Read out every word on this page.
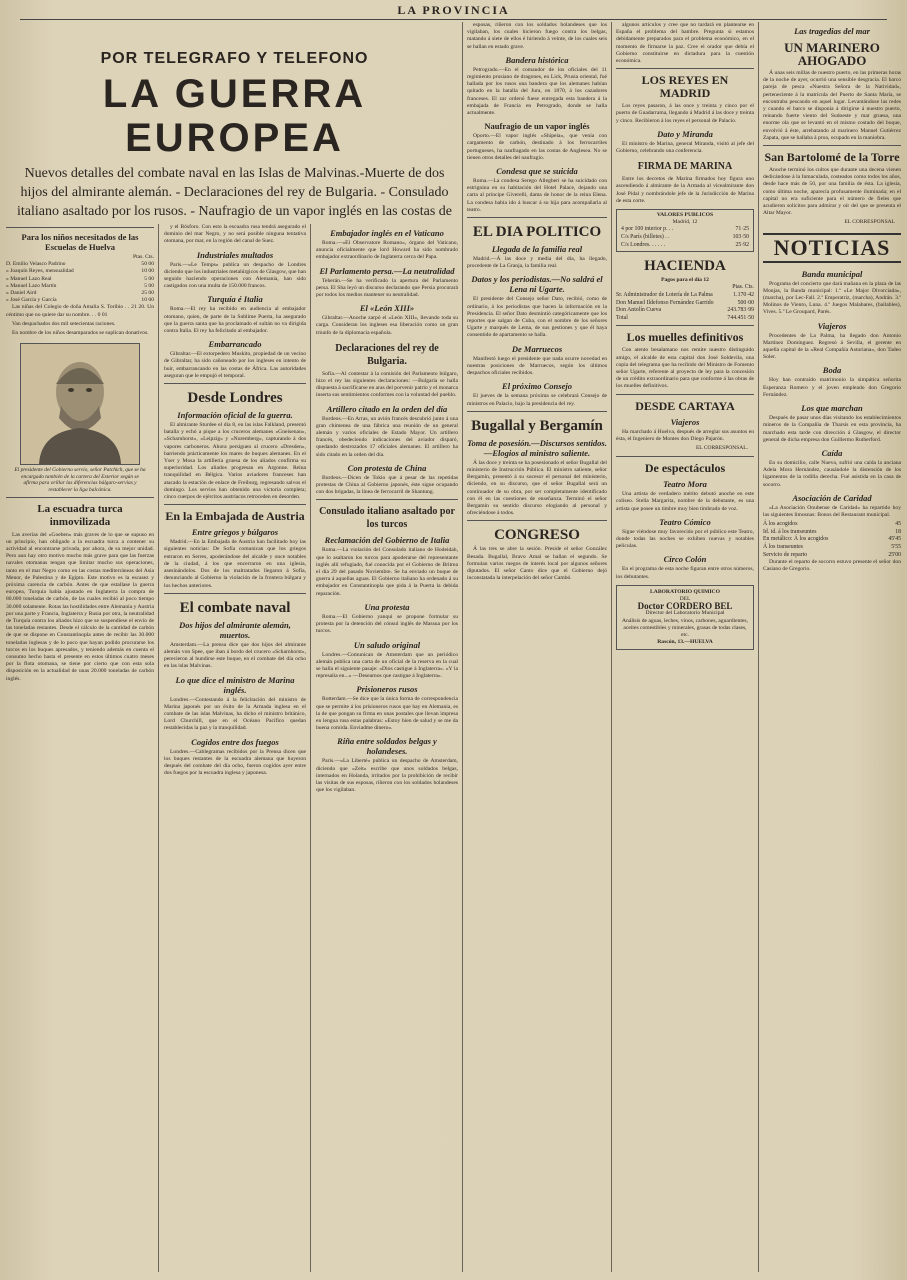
LA PROVINCIA
POR TELEGRAFO Y TELEFONO
LA GUERRA EUROPEA
Nuevos detalles del combate naval en las Islas de Malvinas.-Muerte de dos hijos del almirante alemán. - Declaraciones del rey de Bulgaria. - Consulado italiano asaltado por los rusos. - Naufragio de un vapor inglés en las costas de
Para los niños necesitados de las Escuelas de Huelva
Ptas. Cts.
D. Emilio Velasco Padrino	50 00
» Joaquín Reyes, mensualidad	10 00
» Manuel Lazo Real	5 00
» Manuel Lazo Martín	5 00
» Daniel Aird	25 00
» José García y García	10 00

Las niñas del Colegio de doña Amalia S. Toribio . . 21 20. Un céntimo que no quiere dar su nombre. . . 0 01

Van despachados dos mil setecientas raciones.

En nombre de los niños desamparados se suplican donativos.

El presidente del Gobierno servio, señor Patchich, que se ha encargado también de la cartera del Exterior según se afirma para orillar las diferencias búlgaro-servias y restablecer la liga balcánica.
La escuadra turca inmovilizada

Las averías del «Goeben» más graves de lo que se supuso en un principio, han obligado a la escuadra turca a contener su actividad al encontrarse privada, por ahora, de su mejor unidad. Pero aun hay otro motivo mucho más grave para que las fuerzas navales otomanas tengan que limitar mucho sus operaciones, tanto en el mar Negro como en las costas mediterráneas del Asia Menor, de Palestina y de Egipto. Este motivo es la escasez y próxima carencia de carbón. Antes de que estallase la guerra europea, Turquía había ajustado en Inglaterra la compra de 80.000 toneladas de carbón, de las cuales recibió al poco tiempo 30.000 solamente. Rotas las hostilidades entre Alemania y Austria por una parte y Francia, Inglaterra y Rusia por otra, la neutralidad de Turquía contra los aliados hizo que se suspendiese el envío de las toneladas restantes. Desde el cálculo de la cantidad de carbón de que se dispone en Constantinopla antes de recibir las 30.000 toneladas inglesas y de lo poco que hayan podido procurarse los turcos en los buques apresados, y teniendo además en cuenta el consumo hecho hasta el presente en estos últimos cuatro meses por la flota otomana, se tiene por cierto que con esta sola disposición en la actualidad de unas 20.000 toneladas de carbón inglés.

y el Bósforo. Con esto la escuadra rusa tendrá asegurado el dominio del mar Negro, y no será posible ninguna tentativa otomana, por mar, en la región del canal de Suez.

Industriales multados

París.—«Le Temps» publica un despacho de Londres diciendo que los industriales metalúrgicos de Glasgow, que han seguido haciendo operaciones con Alemania, han sido castigados con una multa de 150.000 francos.

Turquía é Italia

Roma.—El rey ha recibido en audiencia al embajador otomano, quien, de parte de la Sublime Puerta, ha asegurado que la guerra santa que ha proclamado el sultán no va dirigida contra Italia. El rey ha felicitado al embajador.

Embarrancado

Gibraltar.—El extorpedero Muskito, propiedad de un vecino de Gibraltar, ha sido cañoneado por los ingleses en intento de huir, embarrancando en las costas de África. Las autoridades aseguran que le empujó el temporal.

Desde Londres
Información oficial de la guerra.

El almirante Sturdee el día 8, en las islas Falkland, presentó batalla y echó a pique a los cruceros alemanes «Gneisenau», «Scharnhorst», «Leipzig» y «Nuremberg», capturando á dos vapores carboneros. Ahora persiguen al crucero «Dresden», barriendo prácticamente los mares de buques alemanes. En el Yser y Mosa la artillería gruesa de los aliados confirma su superioridad. Los aliados progresan en Argonne. Reina tranquilidad en Bélgica. Varios aviadores franceses han atacado la estación de enlace de Freiburg, regresando salvos el domingo. Los servios han obtenido una victoria completa; cinco cuerpos de ejércitos austriacos retroceden en desorden.

En la Embajada de Austria
Entre griegos y búlgaros

Madrid.—En la Embajada de Austria han facilitado hoy las siguientes noticias: De Sofía comunican que los griegos entraron en Serres, apoderándose del alcalde y once notables de la ciudad, á los que encerraron en una iglesia, asesinándolos. Dos de los maltratados llegaron á Sofía, denunciando al Gobierno la violación de la frontera búlgara y los hechos anteriores.

El combate naval
Dos hijos del almirante alemán, muertos.

Amsterdam.—La prensa dice que dos hijos del almirante alemán von Spee, que iban á bordo del crucero «Scharnhorst», perecieron al hundirse este buque, en el combate del día ocho en las islas Malvinas.

Lo que dice el ministro de Marina inglés.

Londres.—Contestando á la felicitación del ministro de Marina japonés por un éxito de la Armada inglesa en el combate de las islas Malvinas, ha dicho el ministro británico, Lord Churchill, que en el Océano Pacífico quedan restablecidas la paz y la tranquilidad.

Cogidos entre dos fuegos

Londres.—Cablegramas recibidos por la Prensa dicen que los buques restantes de la escuadra alemana que huyeron después del combate del día ocho, fueron cogidos ayer entre dos fuegos por la escuadra inglesa y japonesa.

Embajador inglés en el Vaticano

Roma.—«El Observatore Romano», órgano del Vaticano, anuncia oficialmente que lord Howard ha sido nombrado embajador extraordinario de Inglaterra cerca del Papa.

El Parlamento persa.—La neutralidad

Teherán.—Se ha verificado la apertura del Parlamento persa. El Sha leyó un discurso declarando que Persia procurará por todos los medios mantener su neutralidad.

El «León XIII»

Gibraltar.—Anoche zarpó el «León XIII», llevando toda su carga. Consideran los ingleses esa liberación como un gran triunfo de la diplomacia española.

Declaraciones del rey de Bulgaria.

Sofía.—Al contestar á la comisión del Parlamento búlgaro, hizo el rey las siguientes declaraciones: —Bulgaria se halla dispuesta á sacrificarse en aras del porvenir patrio y el monarca inserta sus sentimientos conformes con la voluntad del pueblo.

Artillero citado en la orden del día

Burdeos.—En Arras, un avión francés descubrió junto á una gran chimenea de una fábrica una reunión de un general alemán y varios oficiales de Estado Mayor. Un artillero francés, obedeciendo indicaciones del aviador disparó, quedando destrozados 17 oficiales alemanes. El artillero ha sido citado en la orden del día.

Con protesta de China

Burdeos.—Dicen de Tokio que á pesar de las repetidas protestas de China al Gobierno japonés, éste sigue ocupando con dos brigadas, la línea de ferrocarril de Shantung.

Consulado italiano asaltado por los turcos
Reclamación del Gobierno de Italia

Roma.—La violación del Consulado italiano de Hodeidah, que lo asaltaron los turcos para apoderarse del representante inglés allí refugiado, fué conocida por el Gobierno de Britrea el día 29 del pasado Noviembre. Se ha enviado un buque de guerra á aquellas aguas. El Gobierno italiano ha ordenado á su embajador en Constantinopla que pida á la Puerta la debida reparación.

Una protesta

Roma.—El Gobierno yanqui se propone formular su protesta por la detención del cónsul inglés de Massua por los turcos.

Un saludo original

Londres.—Comunican de Amsterdam que un periódico alemán publica una carta de un oficial de la reserva en la cual se halla el siguiente pasaje: «Dios castigue á Inglaterra». «Y la represalia en...» —Desearnos que castigue á Inglaterra».

Prisioneros rusos

Rotterdam.—Se dice que la única forma de correspondencia que se permite á los prisioneros rusos que hay en Alemania, es la de que pongan su firma en unas postales que llevan impresa en lengua rusa estas palabras: «Estoy bien de salud y se me da buena comida. Enviadme dinero».

Riña entre soldados belgas y holandeses.

París.—«La Liberté» publica un despacho de Amsterdam, diciendo que «Zeit» escribe que unos soldados belgas, internados en Holanda, irritados por la prohibición de recibir las visitas de sus esposas, riñeron con los soldados holandeses que los vigilaban.

esposas, riñeron con los soldados holandeses que los vigilaban, los cuales hicieron fuego contra los belgas, matando á siete de ellos é hiriendo á veinte, de los cuales seis se hallan en estado grave.

Bandera histórica

Petrogrado.—En el comandor de los oficiales del 11 regimiento prusiano de dragones, en Lick, Prusia oriental, fué hallada por los rusos una bandera que los alemanes habían quitado en la batalla del Jura, en 1870, á los cazadores franceses. El zar ordenó fuese entregada esta bandera á la embajada de Francia en Petrogrado, donde se halla actualmente.

Naufragio de un vapor inglés

Oporto.—El vapor inglés «Shipeia», que venía con cargamento de carbón, destinado á los ferrocarriles portugueses, ha naufragado en las costas de Anglesea. No se tienen otros detalles del naufragio.

Condesa que se suicida

Roma.—La condesa Serego Allegheri se ha suicidado con estrignina en su habitación del Hotel Palace, dejando una carta al príncipe Giverelli, dama de honor de la reina Elena. La condesa había ido á buscar á su hija para acompañarla al teatro.

EL DIA POLITICO
Llegada de la familia real

Madrid.—Á las doce y media del día, ha llegado, procedente de La Granja, la familia real.

Datos y los periodistas.—No saldrá el Lena ni Ugarte.

El presidente del Consejo señor Dato, recibió, como de ordinario, á los periodistas que hacen la información en la Presidencia. El señor Dato desmintió categóricamente que los reportes que salgan de Cuba, con el nombre de los señores Ugarte y marqués de Lema, de sus gestiones y que él haya consentido de apartamento se halla.

De Marruecos

Manifestó luego el presidente que nada ocurre novedad en nuestras posiciones de Marruecos, según los últimos despachos oficiales recibidos.

El próximo Consejo

El jueves de la semana próxima se celebrará Consejo de ministros en Palacio, bajo la presidencia del rey.

Bugallal y Bergamín
Toma de posesión.—Discursos sentidos.—Elogios al ministro saliente.

Á las doce y treinta se ha posesionado el señor Bugallal del ministerio de Instrucción Pública. El ministro saliente, señor Bergamín, presentó á su sucesor el personal del ministerio, diciendo, en su discurso, que el señor Bugallal será un continuador de su obra, por ser completamente identificado con él en las cuestiones de enseñanza. Terminó el señor Bergamín su sentido discurso elogiando al personal y ofreciéndose á todos.

CONGRESO

Á las tres se abre la sesión. Preside el señor González Besada. Bugallal, Bravo Amal se hallan el segundo. Se formulan varios ruegos de interés local por algunos señores diputados. El señor Canto dice que el Gobierno dejó inconstatada la interpelación del señor Cambó.

algunos artículos y cree que no tardará en plantearse en España el problema del hambre. Pregunta si estamos debidamente preparados para el problema económico, en el momento de firmarse la paz. Cree el orador que debía el Gobierno constituirse en dictadura para la cuestión económica.

LOS REYES EN MADRID

Los reyes pasaron, á las once y treinta y cinco por el puerto de Guadarrama, llegando á Madrid á las doce y treinta y cinco. Recibieron á los reyes el personal de Palacio.

Dato y Miranda

El ministro de Marina, general Miranda, visitó al jefe del Gobierno, celebrando una conferencia.

FIRMA DE MARINA

Entre los decretos de Marina firmados hoy figura uno ascendiendo á almirante de la Armada al vicealmirante don José Pidal y nombrándole jefe de la Jurisdicción de Marina de esta corte.

VALORES PUBLICOS
Madrid, 12
4 por 100 interior p. . .	71·25
C/s París (billetes) . .	103·50
C/s Londres. . . . . .	25·92
HACIENDA
Pagos para el día 12
Ptas. Cts.
Sr. Administrador de Lotería de La Palma	1.170·42
Don Manuel Ildefonso Fernández Garrido	500·00
Don Antolín Cueva	243.783·99
Total	744.451·50
Los muelles definitivos

Con atento besalamano nos remite nuestro distinguido amigo, el alcalde de esta capital don José Soldevila, una copia del telegrama que ha recibido del Ministro de Fomento señor Ugarte, referente al proyecto de ley para la concesión de un crédito extraordinario para que conforme á las obras de los muelles definitivos.

DESDE CARTAYA
Viajeros

Ha marchado á Huelva, después de arreglar sus asuntos en ésta, el Ingeniero de Montes don Diego Pajarón.

EL CORRESPONSAL.
De espectáculos
Teatro Mora

Una artista de verdadero mérito debutó anoche en este coliseo. Stella Margarita, nombre de la debutante, es una artista que posee un timbre muy bien timbrado de voz.

Teatro Cómico

Sigue viéndose muy favorecido por el público este Teatro, donde todas las noches se exhiben nuevas y notables películas.

Circo Colón

En el programa de esta noche figuran entre otros números, los debutantes.

LABORATORIO QUIMICO
DEL
Doctor CORDERO BEL
Director del Laboratorio Municipal
Análisis de aguas, leches, vinos, carbones, aguardientes, aceites comestibles y minerales, grasas de todas clases, etc.
Rascón, 13.—HUELVA
Las tragedias del mar
UN MARINERO AHOGADO

Á unas seis millas de nuestro puerto, en las primeras horas de la noche de ayer, ocurrió una sensible desgracia. El barco pareja de pesca «Nuestra Señora de la Natividad», perteneciente á la matrícula del Puerto de Santa María, se encontraba pescando en aquel lugar. Levantándose las redes y cuando el barco se disponía á dirigirse á nuestro puerto, reinando fuerte viento del Sudoeste y mar gruesa, una enorme ola que se levantó en el mismo costado del buque, envolvió á éste, arrebatando al marinero Manuel Gutiérrez Zapata, que se hallaba á proa, ocupado en la maniobra.

San Bartolomé de la Torre

Anoche terminó los cultos que durante una decena vienen dedicándose á la Inmaculada, costeados como todos los años, desde hace más de 50, por una familia de ésta. La iglesia, como última noche, aparecía profusamente iluminada; en el capital no era suficiente para el número de fieles que acudieron solícitos para admirar y oír del que se presenta el Altar Mayor.

EL CORRESPONSAL
NOTICIAS
Banda municipal

Programa del concierto que dará mañana en la plaza de las Monjas, la Banda municipal: 1.º «Le Major Divorciada», (marcha), por Lec-Fall. 2.º Emperatriz, (marcha), Andrán. 3.º Molinos de Viento, Luna. 4.º Juegos Malabares, (bailables), Vives. 5.º Le Groupard, Parés.

Viajeros

Procedentes de La Palma, ha llegado don Antonio Martínez Domínguez. Regresó á Sevilla, el gerente en aquella capital de la «Real Compañía Asturiana», don Tadeo Soler.

Boda

Hoy han contraído matrimonio la simpática señorita Esperanza Romero y el joven empleado don Gregorio Fernández.

Los que marchan

Después de pasar unos días visitando los establecimientos mineros de la Compañía de Tharsis en esta provincia, ha marchado esta tarde con dirección á Glasgow, el director general de dicha empresa don Guillermo Rutherford.

Caída

En su domicilio, calle Nueva, sufrió una caída la anciana Adela Mora Hernández, causándole la distensión de los ligamentos de la rodilla derecha. Fué asistida en la casa de socorro.

Asociación de Caridad

«La Asociación Onubense de Caridad» ha repartido hoy las siguientes limosnas: Bonos del Restaurant municipal.

Á los acogidos	45
Id. id. á los transeuntes	18
En metálico: Á los acogidos	45'45
Á los transeuntes	5'55
Servicio de reparto	25'00

Durante el reparto de socorro estuvo presente el señor don Casiano de Gregorio.
